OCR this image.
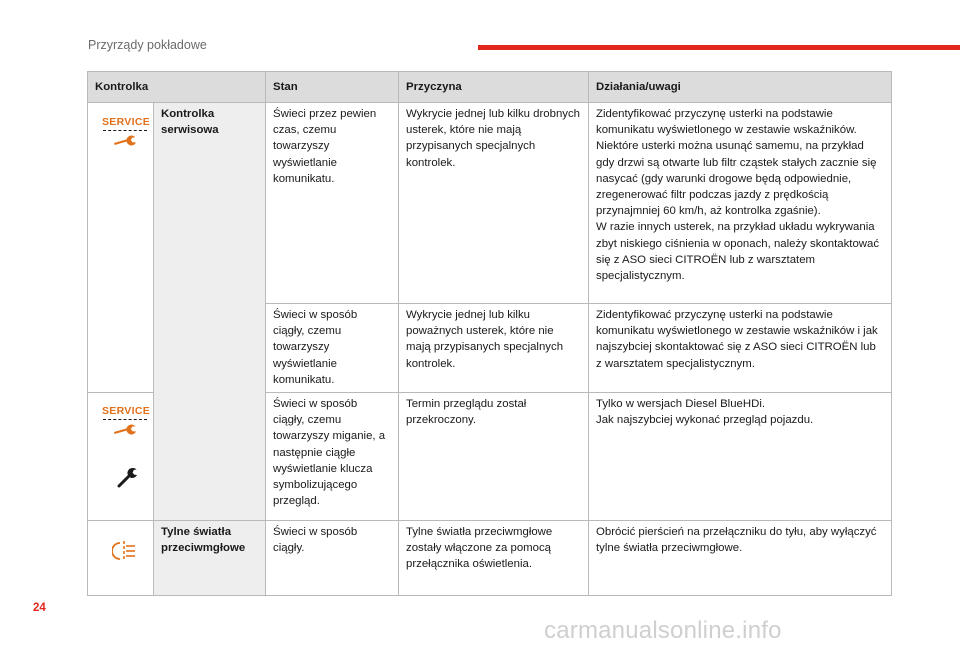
Przyrządy pokładowe
Kontrolka		Stan	Przyczyna	Działania/uwagi

SERVICE	Kontrolka serwisowa	Świeci przez pewien czas, czemu towarzyszy wyświetlanie komunikatu.	Wykrycie jednej lub kilku drobnych usterek, które nie mają przypisanych specjalnych kontrolek.	Zidentyfikować przyczynę usterki na podstawie komunikatu wyświetlonego w zestawie wskaźników. Niektóre usterki można usunąć samemu, na przykład gdy drzwi są otwarte lub filtr cząstek stałych zacznie się nasycać (gdy warunki drogowe będą odpowiednie, zregenerować filtr podczas jazdy z prędkością przynajmniej 60 km/h, aż kontrolka zgaśnie).
W razie innych usterek, na przykład układu wykrywania zbyt niskiego ciśnienia w oponach, należy skontaktować się z ASO sieci CITROËN lub z warsztatem specjalistycznym.

		Świeci w sposób ciągły, czemu towarzyszy wyświetlanie komunikatu.	Wykrycie jednej lub kilku poważnych usterek, które nie mają przypisanych specjalnych kontrolek.	Zidentyfikować przyczynę usterki na podstawie komunikatu wyświetlonego w zestawie wskaźników i jak najszybciej skontaktować się z ASO sieci CITROËN lub z warsztatem specjalistycznym.

SERVICE		Świeci w sposób ciągły, czemu towarzyszy miganie, a następnie ciągłe wyświetlanie klucza symbolizującego przegląd.	Termin przeglądu został przekroczony.	Tylko w wersjach Diesel BlueHDi.
Jak najszybciej wykonać przegląd pojazdu.

	Tylne światła przeciwmgłowe	Świeci w sposób ciągły.	Tylne światła przeciwmgłowe zostały włączone za pomocą przełącznika oświetlenia.	Obrócić pierścień na przełączniku do tyłu, aby wyłączyć tylne światła przeciwmgłowe.
24
carmanualsonline.info
